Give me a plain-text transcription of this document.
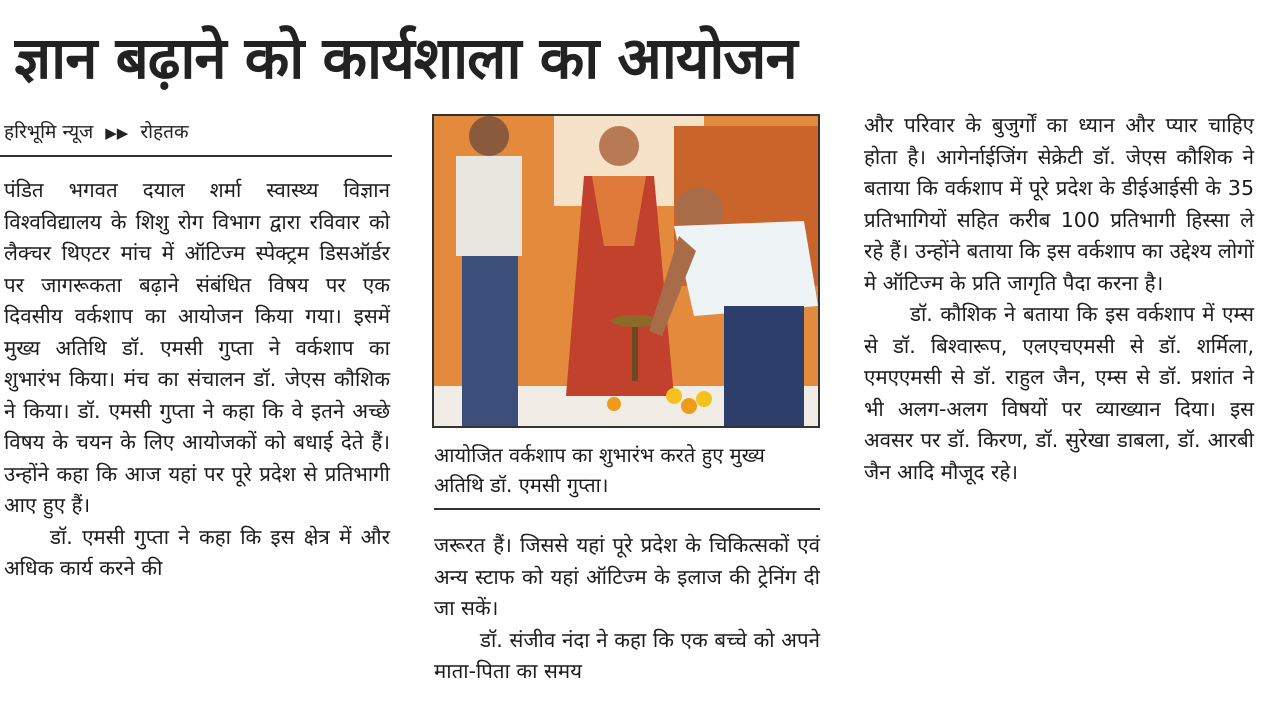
ज्ञान बढ़ाने को कार्यशाला का आयोजन
हरिभूमि न्यूज ▶▶ रोहतक

पंडित भगवत दयाल शर्मा स्वास्थ्य विज्ञान विश्वविद्यालय के शिशु रोग विभाग द्वारा रविवार को लैक्चर थिएटर मांच में ऑटिज्म स्पेक्ट्रम डिसऑर्डर पर जागरूकता बढ़ाने संबंधित विषय पर एक दिवसीय वर्कशाप का आयोजन किया गया। इसमें मुख्य अतिथि डॉ. एमसी गुप्ता ने वर्कशाप का शुभारंभ किया। मंच का संचालन डॉ. जेएस कौशिक ने किया। डॉ. एमसी गुप्ता ने कहा कि वे इतने अच्छे विषय के चयन के लिए आयोजकों को बधाई देते हैं। उन्होंने कहा कि आज यहां पर पूरे प्रदेश से प्रतिभागी आए हुए हैं।

डॉ. एमसी गुप्ता ने कहा कि इस क्षेत्र में और अधिक कार्य करने की

आयोजित वर्कशाप का शुभारंभ करते हुए मुख्य अतिथि डॉ. एमसी गुप्ता।

जरूरत हैं। जिससे यहां पूरे प्रदेश के चिकित्सकों एवं अन्य स्टाफ को यहां ऑटिज्म के इलाज की ट्रेनिंग दी जा सकें।

डॉ. संजीव नंदा ने कहा कि एक बच्चे को अपने माता-पिता का समय

और परिवार के बुजुर्गों का ध्यान और प्यार चाहिए होता है। आगेर्नाईजिंग सेक्रेटी डॉ. जेएस कौशिक ने बताया कि वर्कशाप में पूरे प्रदेश के डीईआईसी के 35 प्रतिभागियों सहित करीब 100 प्रतिभागी हिस्सा ले रहे हैं। उन्होंने बताया कि इस वर्कशाप का उद्देश्य लोगों मे ऑटिज्म के प्रति जागृति पैदा करना है।

डॉ. कौशिक ने बताया कि इस वर्कशाप में एम्स से डॉ. बिश्वारूप, एलएचएमसी से डॉ. शर्मिला, एमएएमसी से डॉ. राहुल जैन, एम्स से डॉ. प्रशांत ने भी अलग-अलग विषयों पर व्याख्यान दिया। इस अवसर पर डॉ. किरण, डॉ. सुरेखा डाबला, डॉ. आरबी जैन आदि मौजूद रहे।
